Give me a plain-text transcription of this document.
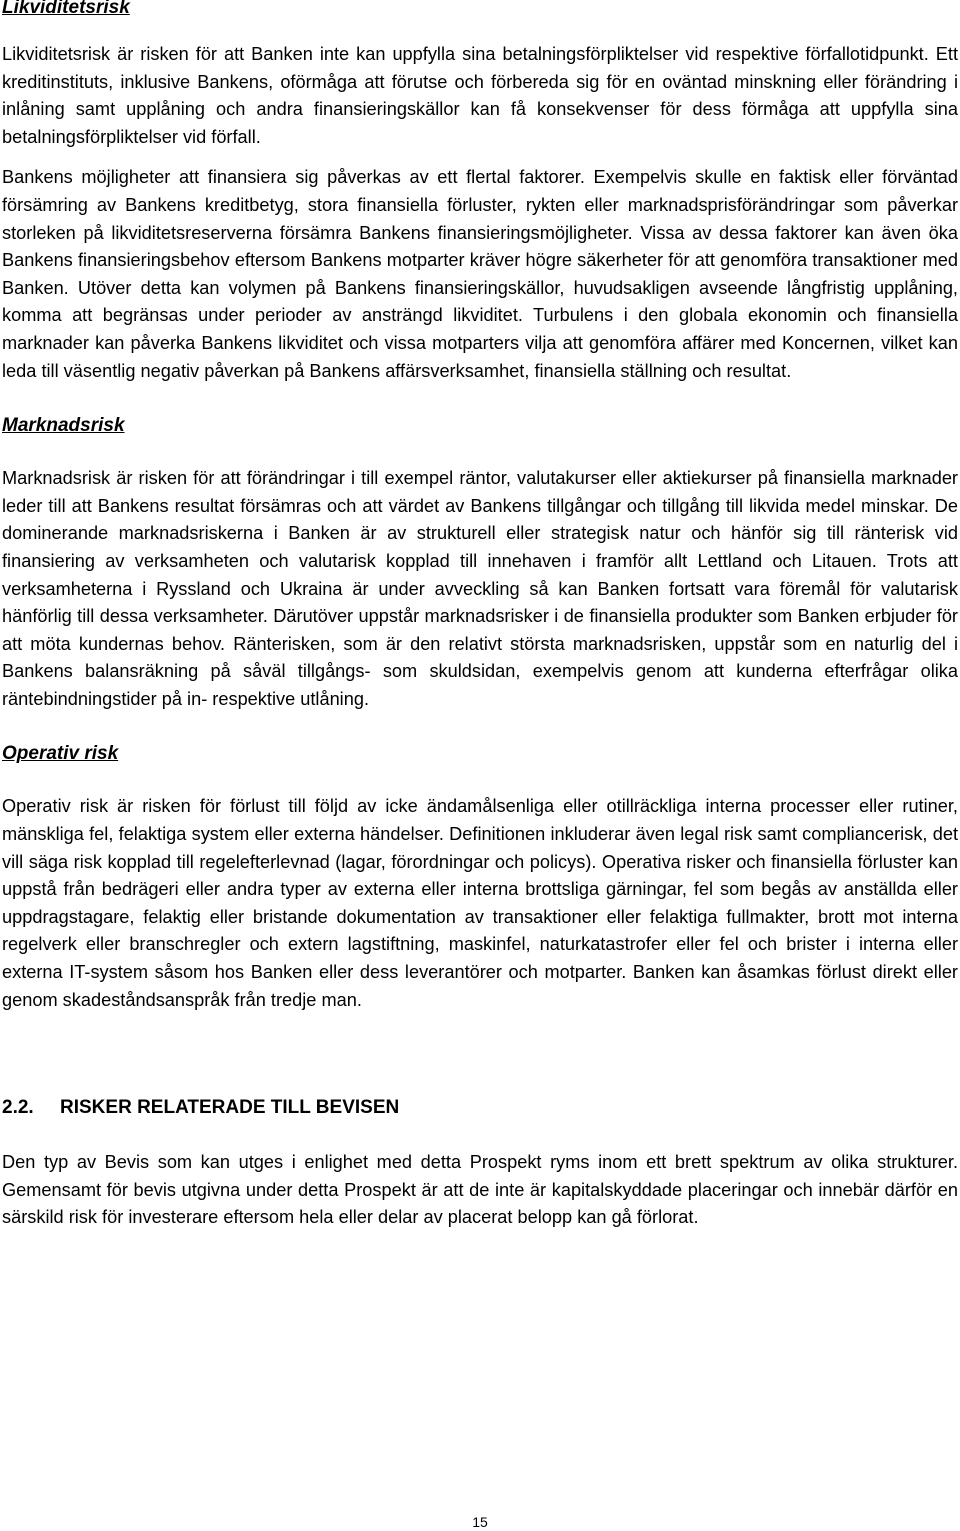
Likviditetsrisk

Likviditetsrisk är risken för att Banken inte kan uppfylla sina betalningsförpliktelser vid respektive förfallotidpunkt. Ett kreditinstituts, inklusive Bankens, oförmåga att förutse och förbereda sig för en oväntad minskning eller förändring i inlåning samt upplåning och andra finansieringskällor kan få konsekvenser för dess förmåga att uppfylla sina betalningsförpliktelser vid förfall.

Bankens möjligheter att finansiera sig påverkas av ett flertal faktorer. Exempelvis skulle en faktisk eller förväntad försämring av Bankens kreditbetyg, stora finansiella förluster, rykten eller marknadsprisförändringar som påverkar storleken på likviditetsreserverna försämra Bankens finansieringsmöjligheter. Vissa av dessa faktorer kan även öka Bankens finansieringsbehov eftersom Bankens motparter kräver högre säkerheter för att genomföra transaktioner med Banken. Utöver detta kan volymen på Bankens finansieringskällor, huvudsakligen avseende långfristig upplåning, komma att begränsas under perioder av ansträngd likviditet. Turbulens i den globala ekonomin och finansiella marknader kan påverka Bankens likviditet och vissa motparters vilja att genomföra affärer med Koncernen, vilket kan leda till väsentlig negativ påverkan på Bankens affärsverksamhet, finansiella ställning och resultat.

Marknadsrisk

Marknadsrisk är risken för att förändringar i till exempel räntor, valutakurser eller aktiekurser på finansiella marknader leder till att Bankens resultat försämras och att värdet av Bankens tillgångar och tillgång till likvida medel minskar. De dominerande marknadsriskerna i Banken är av strukturell eller strategisk natur och hänför sig till ränterisk vid finansiering av verksamheten och valutarisk kopplad till innehaven i framför allt Lettland och Litauen. Trots att verksamheterna i Ryssland och Ukraina är under avveckling så kan Banken fortsatt vara föremål för valutarisk hänförlig till dessa verksamheter. Därutöver uppstår marknadsrisker i de finansiella produkter som Banken erbjuder för att möta kundernas behov. Ränterisken, som är den relativt största marknadsrisken, uppstår som en naturlig del i Bankens balansräkning på såväl tillgångs- som skuldsidan, exempelvis genom att kunderna efterfrågar olika räntebindningstider på in- respektive utlåning.

Operativ risk

Operativ risk är risken för förlust till följd av icke ändamålsenliga eller otillräckliga interna processer eller rutiner, mänskliga fel, felaktiga system eller externa händelser. Definitionen inkluderar även legal risk samt compliancerisk, det vill säga risk kopplad till regelefterlevnad (lagar, förordningar och policys). Operativa risker och finansiella förluster kan uppstå från bedrägeri eller andra typer av externa eller interna brottsliga gärningar, fel som begås av anställda eller uppdragstagare, felaktig eller bristande dokumentation av transaktioner eller felaktiga fullmakter, brott mot interna regelverk eller branschregler och extern lagstiftning, maskinfel, naturkatastrofer eller fel och brister i interna eller externa IT-system såsom hos Banken eller dess leverantörer och motparter. Banken kan åsamkas förlust direkt eller genom skadeståndsanspråk från tredje man.

2.2.	RISKER RELATERADE TILL BEVISEN

Den typ av Bevis som kan utges i enlighet med detta Prospekt ryms inom ett brett spektrum av olika strukturer. Gemensamt för bevis utgivna under detta Prospekt är att de inte är kapitalskyddade placeringar och innebär därför en särskild risk för investerare eftersom hela eller delar av placerat belopp kan gå förlorat.

15
